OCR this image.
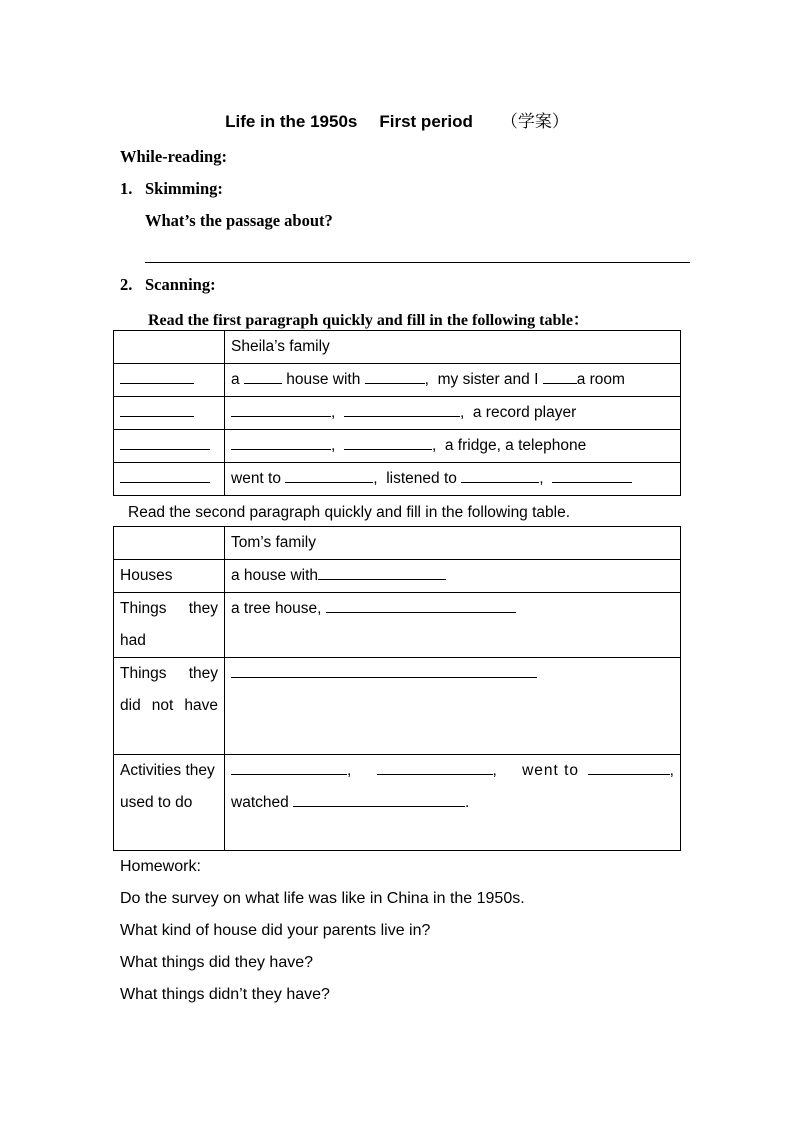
Life in the 1950s First period （学案）
While-reading:
1. Skimming:
What’s the passage about?
2. Scanning:
Read the first paragraph quickly and fill in the following table：
	Sheila’s family
	a house with , my sister and I a room
	, , a record player
	, , a fridge, a telephone
	went to , listened to ,
Read the second paragraph quickly and fill in the following table.
	Tom’s family
Houses	a house with
Things they had	a tree house,
Things they did not have	
Activities they used to do	, , went to ,
watched .
Homework:
Do the survey on what life was like in China in the 1950s.
What kind of house did your parents live in?
What things did they have?
What things didn’t they have?
